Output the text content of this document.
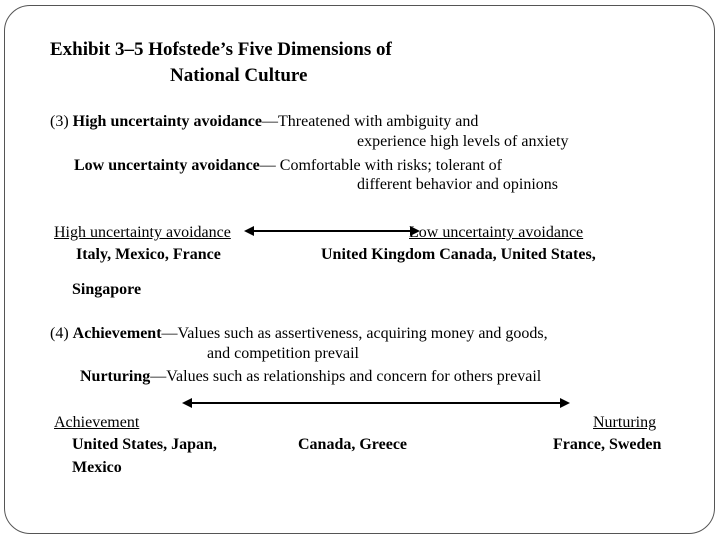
Exhibit 3–5 Hofstede’s Five Dimensions of
National Culture
(3) High uncertainty avoidance—Threatened with ambiguity and
experience high levels of anxiety
Low uncertainty avoidance— Comfortable with risks; tolerant of
different behavior and opinions
High uncertainty avoidance
Italy, Mexico, France
Low uncertainty avoidance
United Kingdom Canada, United States,
Singapore
(4) Achievement—Values such as assertiveness, acquiring money and goods,
and competition prevail
Nurturing—Values such as relationships and concern for others prevail
Achievement
United States, Japan,
Mexico
Canada, Greece
Nurturing
France, Sweden
